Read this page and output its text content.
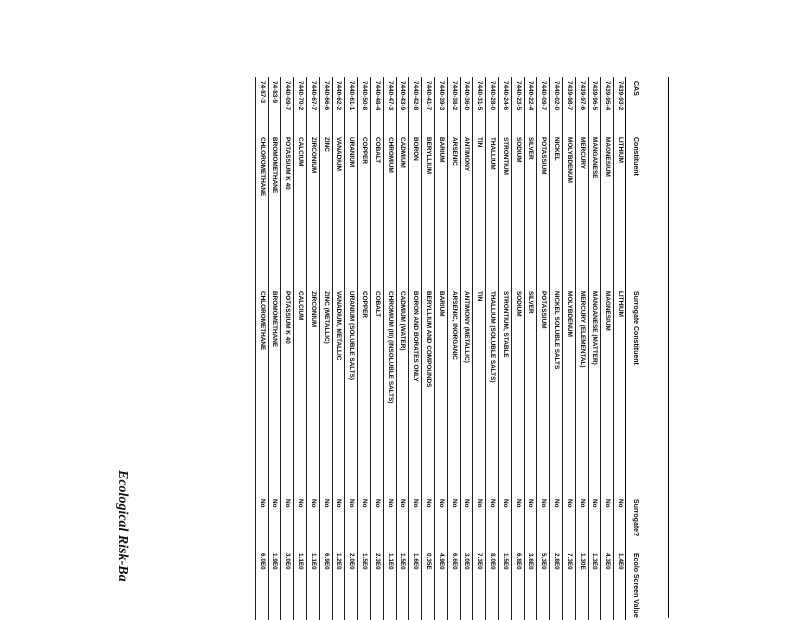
CAS
Constituent
Surrogate Constituent
Surrogate?
Ecolo Screen Value
7439-93-2
LITHIUM
LITHIUM
No
1.4E0
7439-95-4
MAGNESIUM
MAGNESIUM
No
4.3E0
7439-96-5
MANGANESE
MANGANESE (MATTER)
No
1.3E0
7439-97-6
MERCURY
MERCURY (ELEMENTAL)
No
1.30E
7439-98-7
MOLYBDENUM
MOLYBDENUM
No
7.3E0
7440-02-0
NICKEL
NICKEL SOLUBLE SALTS
No
2.8E0
7440-09-7
POTASSIUM
POTASSIUM
No
5.3E0
7440-22-4
SILVER
SILVER
No
3.6E0
7440-23-5
SODIUM
SODIUM
No
6.8E0
7440-24-6
STRONTIUM
STRONTIUM, STABLE
No
1.5E0
7440-28-0
THALLIUM
THALLIUM (SOLUBLE SALTS)
No
8.0E0
7440-31-5
TIN
TIN
No
7.3E0
7440-36-0
ANTIMONY
ANTIMONY (METALLIC)
No
3.0E0
7440-38-2
ARSENIC
ARSENIC, INORGANIC
No
6.6E0
7440-39-3
BARIUM
BARIUM
No
4.9E0
7440-41-7
BERYLLIUM
BERYLLIUM AND COMPOUNDS
No
0.35E
7440-42-8
BORON
BORON AND BORATES ONLY
No
1.6E0
7440-43-9
CADMIUM
CADMIUM (WATER)
No
1.5E0
7440-47-3
CHROMIUM
CHROMIUM (III) (INSOLUBLE SALTS)
No
1.1E0
7440-48-4
COBALT
COBALT
No
2.3E0
7440-50-8
COPPER
COPPER
No
1.5E0
7440-61-1
URANIUM
URANIUM (SOLUBLE SALTS)
No
2.0E0
7440-62-2
VANADIUM
VANADIUM, METALLIC
No
1.2E0
7440-66-6
ZINC
ZINC (METALLIC)
No
6.9E0
7440-67-7
ZIRCONIUM
ZIRCONIUM
No
1.1E0
7440-70-2
CALCIUM
CALCIUM
No
1.1E0
7440-09-7
POTASSIUM K 40
POTASSIUM K 40
No
3.0E0
74-83-9
BROMOMETHANE
BROMOMETHANE
No
1.9E0
74-87-3
CHLOROMETHANE
CHLOROMETHANE
No
6.0E0
Ecological Risk-Ba
